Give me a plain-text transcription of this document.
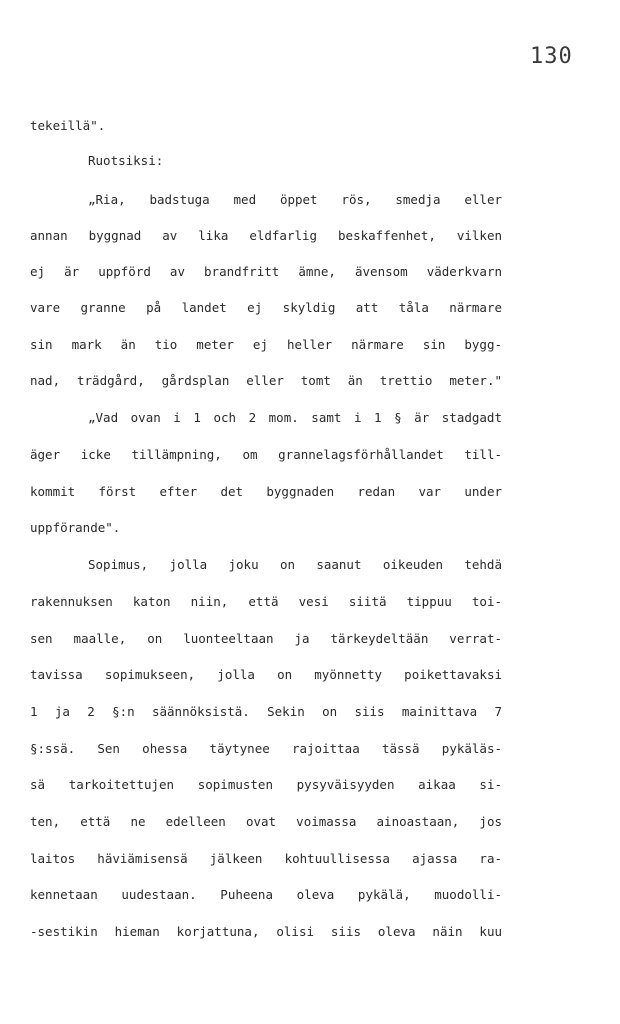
130
tekeillä".
Ruotsiksi:
„Ria, badstuga med öppet rös, smedja eller
annan byggnad av lika eldfarlig beskaffenhet, vilken
ej är uppförd av brandfritt ämne, ävensom väderkvarn
vare granne på landet ej skyldig att tåla närmare
sin mark än tio meter ej heller närmare sin bygg-
nad, trädgård, gårdsplan eller tomt än trettio meter."
„Vad ovan i 1 och 2 mom. samt i 1 § är stadgadt
äger icke tillämpning, om grannelagsförhållandet till-
kommit först efter det byggnaden redan var under
uppförande".
Sopimus, jolla joku on saanut oikeuden tehdä
rakennuksen katon niin, että vesi siitä tippuu toi-
sen maalle, on luonteeltaan ja tärkeydeltään verrat-
tavissa sopimukseen, jolla on myönnetty poikettavaksi
1 ja 2 §:n säännöksistä. Sekin on siis mainittava 7
§:ssä. Sen ohessa täytynee rajoittaa tässä pykäläs-
sä tarkoitettujen sopimusten pysyväisyyden aikaa si-
ten, että ne edelleen ovat voimassa ainoastaan, jos
laitos häviämisensä jälkeen kohtuullisessa ajassa ra-
kennetaan uudestaan. Puheena oleva pykälä, muodolli-
-sestikin hieman korjattuna, olisi siis oleva näin kuu
